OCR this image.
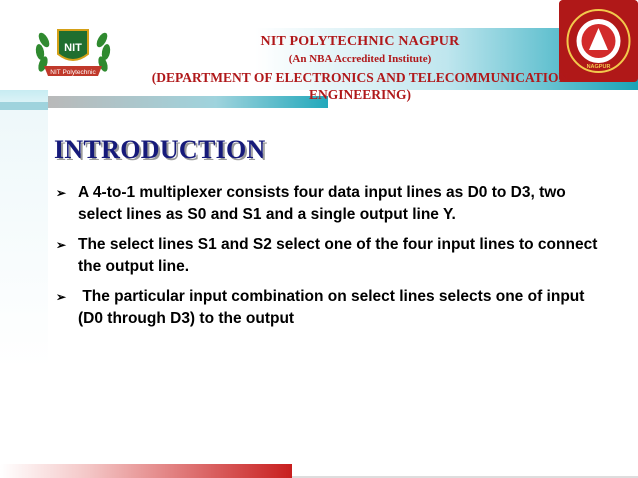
NIT
NIT Polytechnic
NAGPUR
NIT POLYTECHNIC NAGPUR
(An NBA Accredited Institute)
(DEPARTMENT OF ELECTRONICS AND TELECOMMUNICATION ENGINEERING)
INTRODUCTION
➢ A 4-to-1 multiplexer consists four data input lines as D0 to D3, two select lines as S0 and S1 and a single output line Y.
➢ The select lines S1 and S2 select one of the four input lines to connect the output line.
➢ The particular input combination on select lines selects one of input (D0 through D3) to the output
